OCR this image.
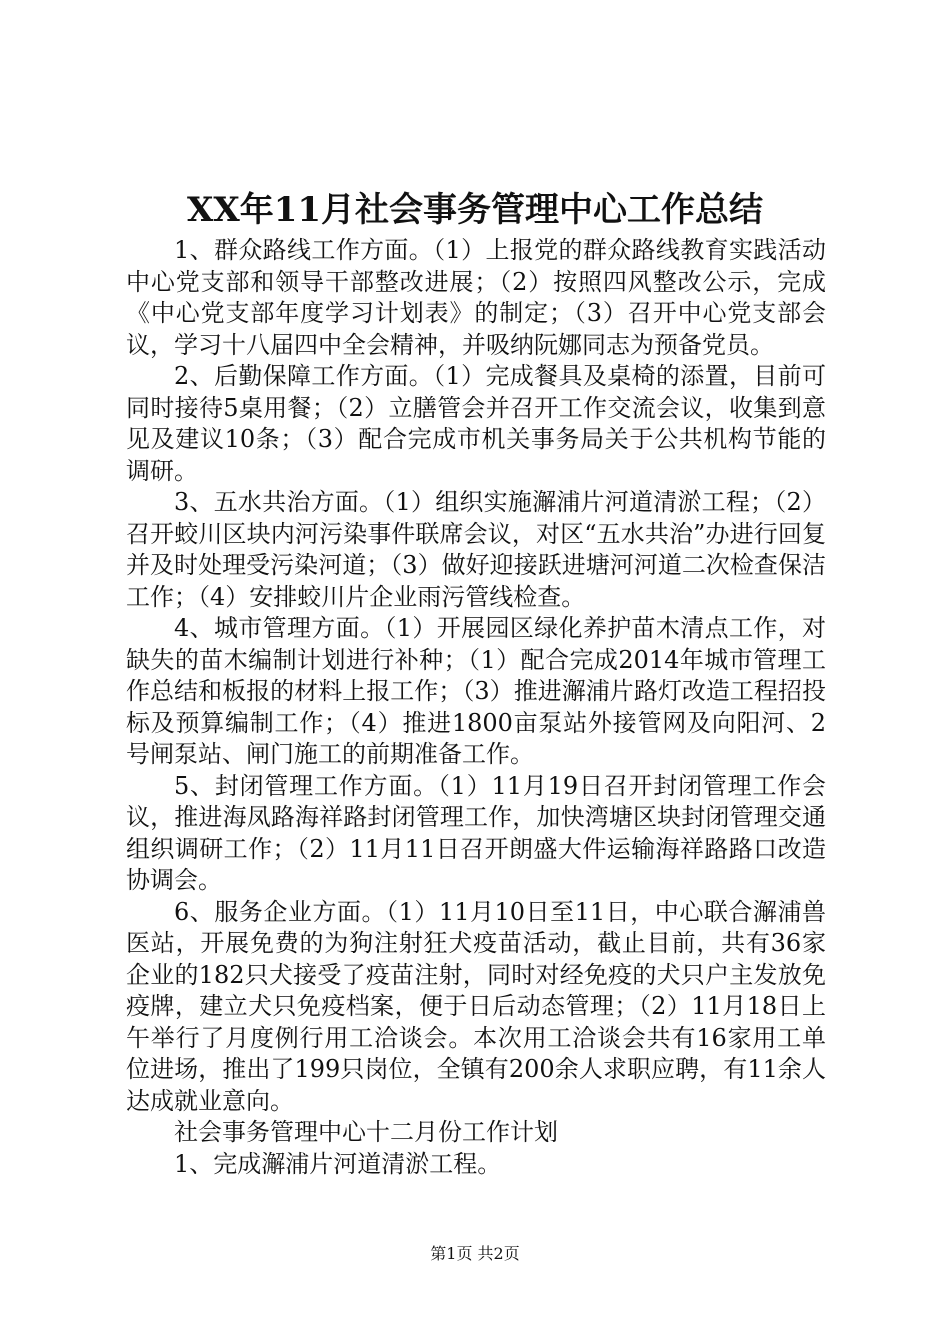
XX年11月社会事务管理中心工作总结

1、群众路线工作方面。（1）上报党的群众路线教育实践活动中心党支部和领导干部整改进展；（2）按照四风整改公示，完成《中心党支部年度学习计划表》的制定；（3）召开中心党支部会议，学习十八届四中全会精神，并吸纳阮娜同志为预备党员。

2、后勤保障工作方面。（1）完成餐具及桌椅的添置，目前可同时接待5桌用餐；（2）立膳管会并召开工作交流会议，收集到意见及建议10条；（3）配合完成市机关事务局关于公共机构节能的调研。

3、五水共治方面。（1）组织实施澥浦片河道清淤工程；（2）召开蛟川区块内河污染事件联席会议，对区“五水共治”办进行回复并及时处理受污染河道；（3）做好迎接跃进塘河河道二次检查保洁工作；（4）安排蛟川片企业雨污管线检查。

4、城市管理方面。（1）开展园区绿化养护苗木清点工作，对缺失的苗木编制计划进行补种；（1）配合完成2014年城市管理工作总结和板报的材料上报工作；（3）推进澥浦片路灯改造工程招投标及预算编制工作；（4）推进1800亩泵站外接管网及向阳河、2号闸泵站、闸门施工的前期准备工作。

5、封闭管理工作方面。（1）11月19日召开封闭管理工作会议，推进海凤路海祥路封闭管理工作，加快湾塘区块封闭管理交通组织调研工作；（2）11月11日召开朗盛大件运输海祥路路口改造协调会。

6、服务企业方面。（1）11月10日至11日，中心联合澥浦兽医站，开展免费的为狗注射狂犬疫苗活动，截止目前，共有36家企业的182只犬接受了疫苗注射，同时对经免疫的犬只户主发放免疫牌，建立犬只免疫档案，便于日后动态管理；（2）11月18日上午举行了月度例行用工洽谈会。本次用工洽谈会共有16家用工单位进场，推出了199只岗位，全镇有200余人求职应聘，有11余人达成就业意向。

社会事务管理中心十二月份工作计划

1、完成澥浦片河道清淤工程。

第1页 共2页
